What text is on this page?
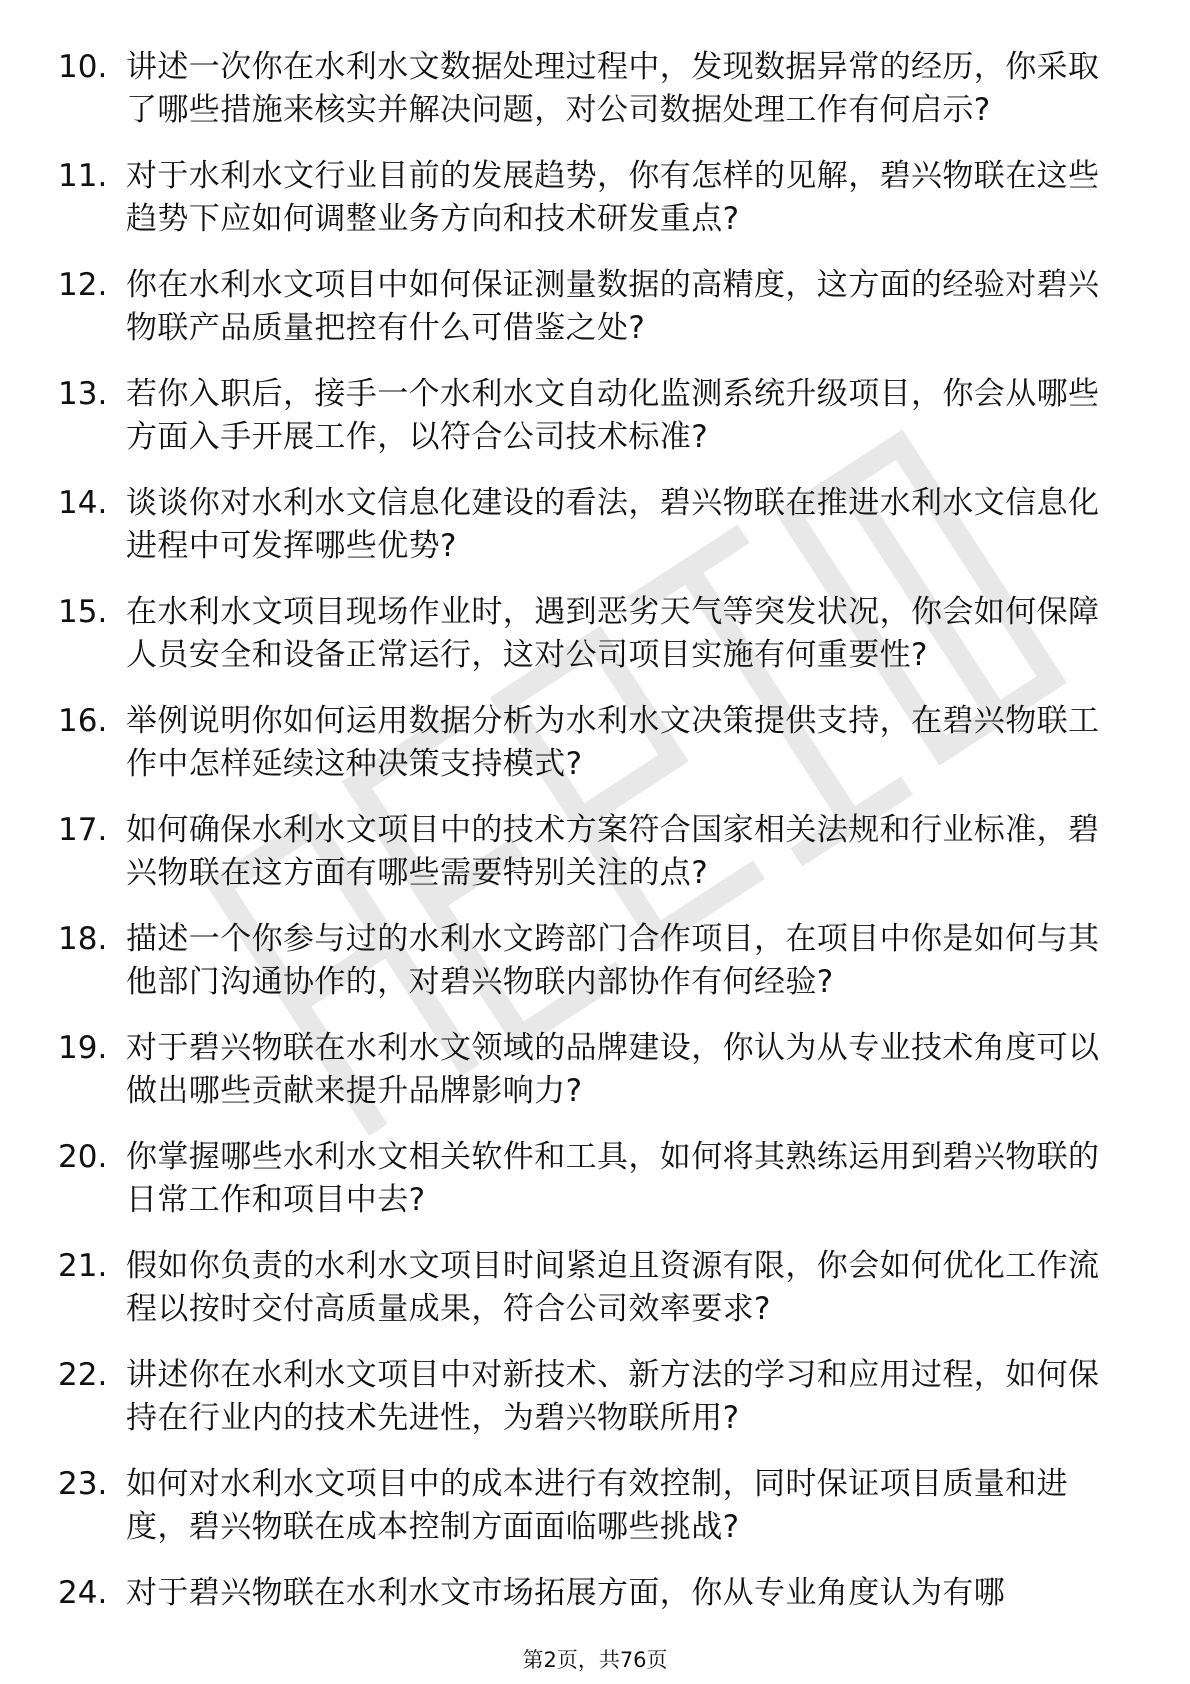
10. 讲述一次你在水利水文数据处理过程中，发现数据异常的经历，你采取了哪些措施来核实并解决问题，对公司数据处理工作有何启示?
11. 对于水利水文行业目前的发展趋势，你有怎样的见解，碧兴物联在这些趋势下应如何调整业务方向和技术研发重点?
12. 你在水利水文项目中如何保证测量数据的高精度，这方面的经验对碧兴物联产品质量把控有什么可借鉴之处?
13. 若你入职后，接手一个水利水文自动化监测系统升级项目，你会从哪些方面入手开展工作，以符合公司技术标准?
14. 谈谈你对水利水文信息化建设的看法，碧兴物联在推进水利水文信息化进程中可发挥哪些优势?
15. 在水利水文项目现场作业时，遇到恶劣天气等突发状况，你会如何保障人员安全和设备正常运行，这对公司项目实施有何重要性?
16. 举例说明你如何运用数据分析为水利水文决策提供支持，在碧兴物联工作中怎样延续这种决策支持模式?
17. 如何确保水利水文项目中的技术方案符合国家相关法规和行业标准，碧兴物联在这方面有哪些需要特别关注的点?
18. 描述一个你参与过的水利水文跨部门合作项目，在项目中你是如何与其他部门沟通协作的，对碧兴物联内部协作有何经验?
19. 对于碧兴物联在水利水文领域的品牌建设，你认为从专业技术角度可以做出哪些贡献来提升品牌影响力?
20. 你掌握哪些水利水文相关软件和工具，如何将其熟练运用到碧兴物联的日常工作和项目中去?
21. 假如你负责的水利水文项目时间紧迫且资源有限，你会如何优化工作流程以按时交付高质量成果，符合公司效率要求?
22. 讲述你在水利水文项目中对新技术、新方法的学习和应用过程，如何保持在行业内的技术先进性，为碧兴物联所用?
23. 如何对水利水文项目中的成本进行有效控制，同时保证项目质量和进度，碧兴物联在成本控制方面面临哪些挑战?
24. 对于碧兴物联在水利水文市场拓展方面，你从专业角度认为有哪
第2页，共76页
